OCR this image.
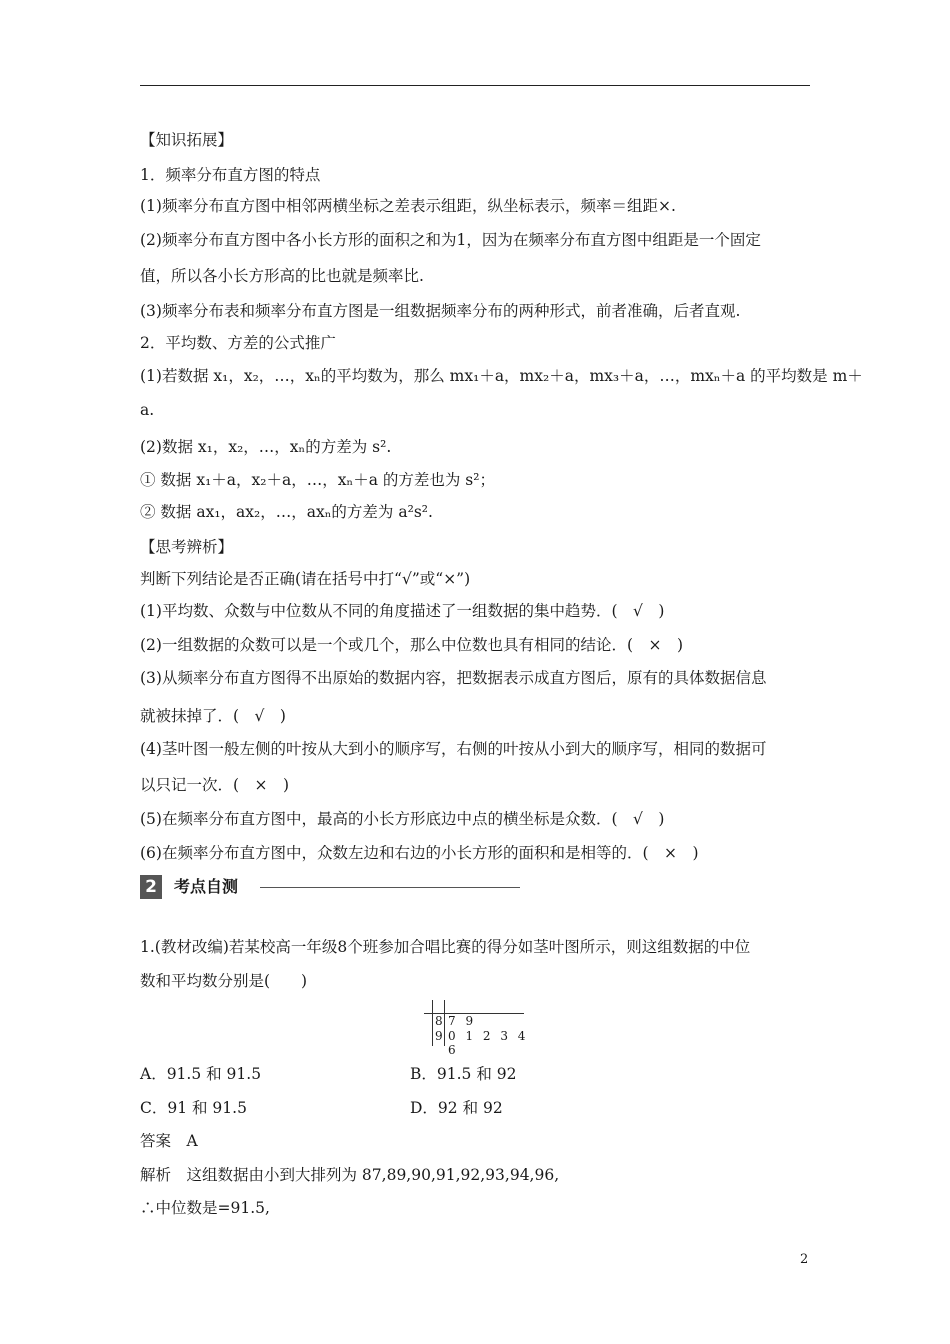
【知识拓展】
1．频率分布直方图的特点
(1)频率分布直方图中相邻两横坐标之差表示组距，纵坐标表示，频率＝组距×.
(2)频率分布直方图中各小长方形的面积之和为1，因为在频率分布直方图中组距是一个固定
值，所以各小长方形高的比也就是频率比.
(3)频率分布表和频率分布直方图是一组数据频率分布的两种形式，前者准确，后者直观.
2．平均数、方差的公式推广
(1)若数据 x₁，x₂，…，xₙ的平均数为，那么 mx₁＋a，mx₂＋a，mx₃＋a，…，mxₙ＋a 的平均数是 m＋
a.
(2)数据 x₁，x₂，…，xₙ的方差为 s².
① 数据 x₁＋a，x₂＋a，…，xₙ＋a 的方差也为 s²；
② 数据 ax₁，ax₂，…，axₙ的方差为 a²s².
【思考辨析】
判断下列结论是否正确(请在括号中打“√”或“×”)
(1)平均数、众数与中位数从不同的角度描述了一组数据的集中趋势．(　√　)
(2)一组数据的众数可以是一个或几个，那么中位数也具有相同的结论．(　×　)
(3)从频率分布直方图得不出原始的数据内容，把数据表示成直方图后，原有的具体数据信息
就被抹掉了．(　√　)
(4)茎叶图一般左侧的叶按从大到小的顺序写，右侧的叶按从小到大的顺序写，相同的数据可
以只记一次．(　×　)
(5)在频率分布直方图中，最高的小长方形底边中点的横坐标是众数．(　√　)
(6)在频率分布直方图中，众数左边和右边的小长方形的面积和是相等的．(　×　)
2	考点自测
1.(教材改编)若某校高一年级8个班参加合唱比赛的得分如茎叶图所示，则这组数据的中位
数和平均数分别是(　　)
8 7 9
9 0 1 2 3 4 6
A．91.5 和 91.5	B．91.5 和 92
C．91 和 91.5	D．92 和 92
答案　A
解析　这组数据由小到大排列为 87,89,90,91,92,93,94,96,
∴中位数是=91.5,
2
